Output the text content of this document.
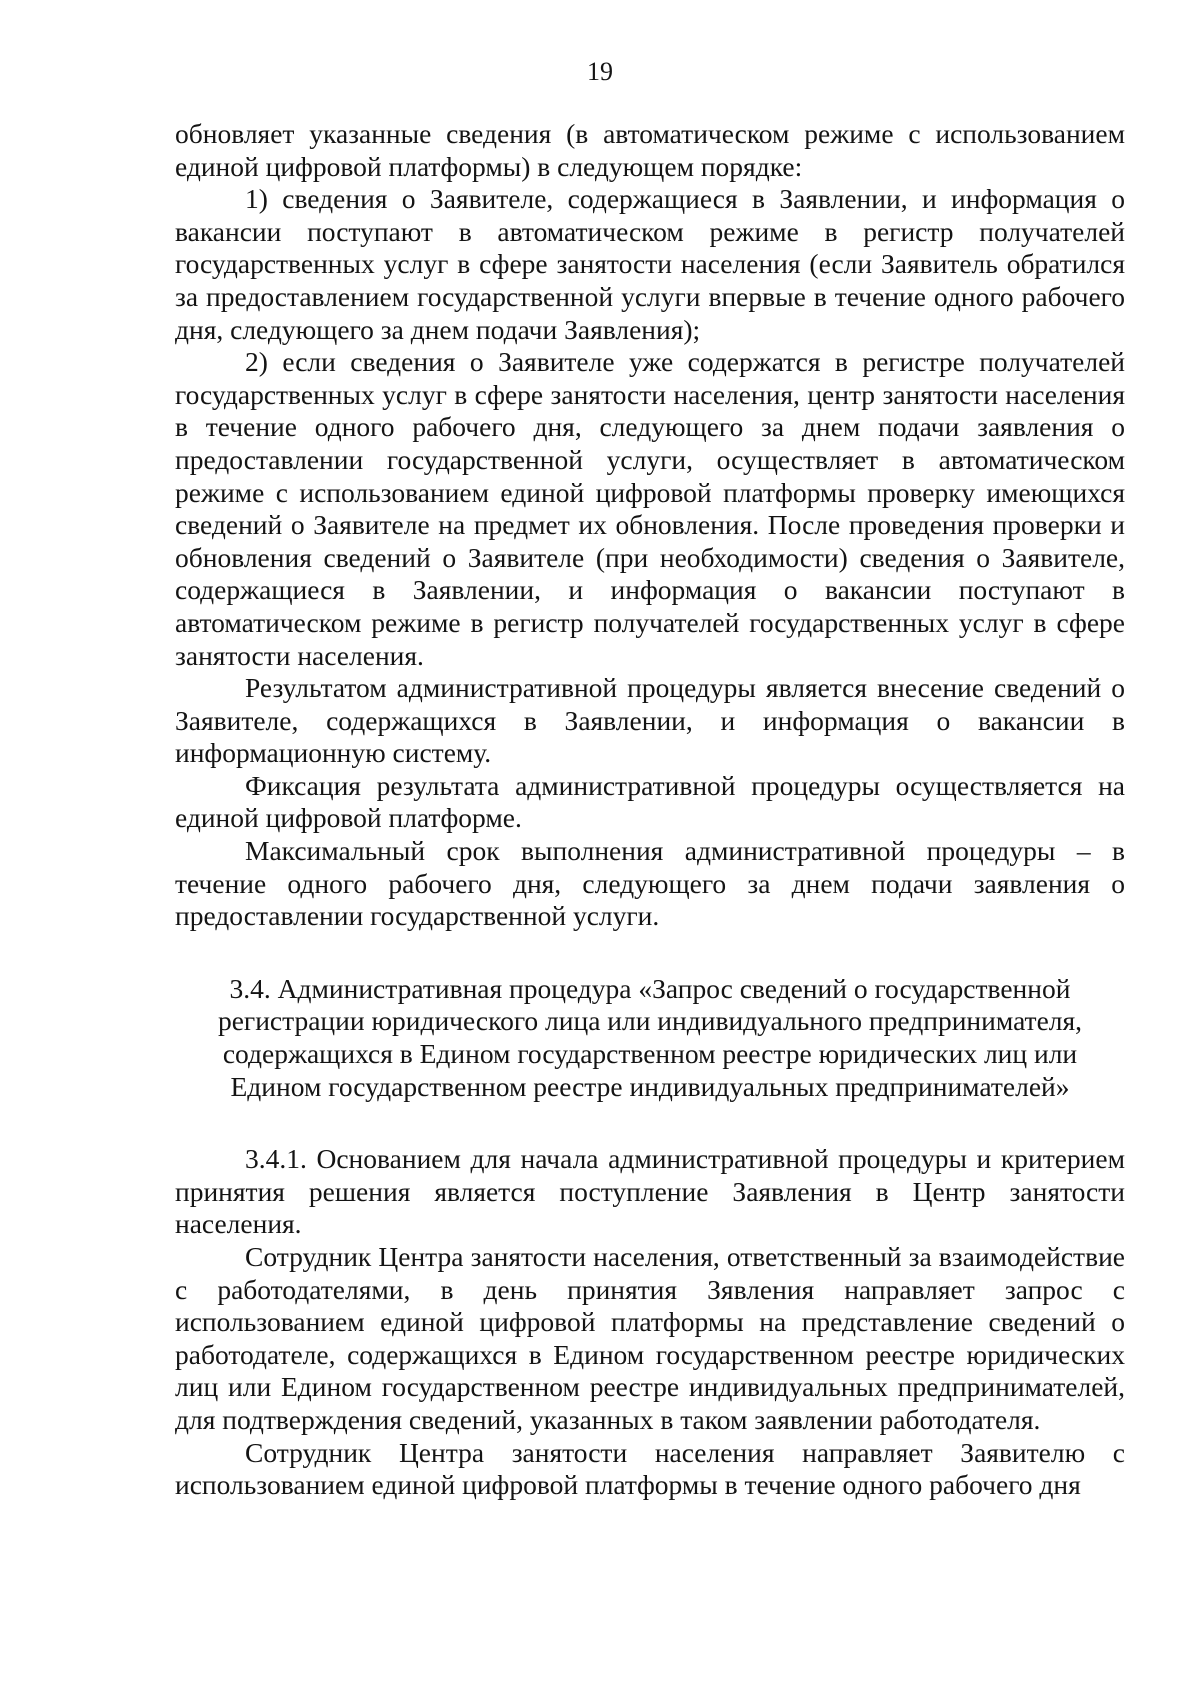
19

обновляет указанные сведения (в автоматическом режиме с использованием единой цифровой платформы) в следующем порядке:

1) сведения о Заявителе, содержащиеся в Заявлении, и информация о вакансии поступают в автоматическом режиме в регистр получателей государственных услуг в сфере занятости населения (если Заявитель обратился за предоставлением государственной услуги впервые в течение одного рабочего дня, следующего за днем подачи Заявления);

2) если сведения о Заявителе уже содержатся в регистре получателей государственных услуг в сфере занятости населения, центр занятости населения в течение одного рабочего дня, следующего за днем подачи заявления о предоставлении государственной услуги, осуществляет в автоматическом режиме с использованием единой цифровой платформы проверку имеющихся сведений о Заявителе на предмет их обновления. После проведения проверки и обновления сведений о Заявителе (при необходимости) сведения о Заявителе, содержащиеся в Заявлении, и информация о вакансии поступают в автоматическом режиме в регистр получателей государственных услуг в сфере занятости населения.

Результатом административной процедуры является внесение сведений о Заявителе, содержащихся в Заявлении, и информация о вакансии в информационную систему.

Фиксация результата административной процедуры осуществляется на единой цифровой платформе.

Максимальный срок выполнения административной процедуры – в течение одного рабочего дня, следующего за днем подачи заявления о предоставлении государственной услуги.

3.4. Административная процедура «Запрос сведений о государственной регистрации юридического лица или индивидуального предпринимателя, содержащихся в Едином государственном реестре юридических лиц или Едином государственном реестре индивидуальных предпринимателей»

3.4.1. Основанием для начала административной процедуры и критерием принятия решения является поступление Заявления в Центр занятости населения.

Сотрудник Центра занятости населения, ответственный за взаимодействие с работодателями, в день принятия Зявления направляет запрос с использованием единой цифровой платформы на представление сведений о работодателе, содержащихся в Едином государственном реестре юридических лиц или Едином государственном реестре индивидуальных предпринимателей, для подтверждения сведений, указанных в таком заявлении работодателя.

Сотрудник Центра занятости населения направляет Заявителю с использованием единой цифровой платформы в течение одного рабочего дня
